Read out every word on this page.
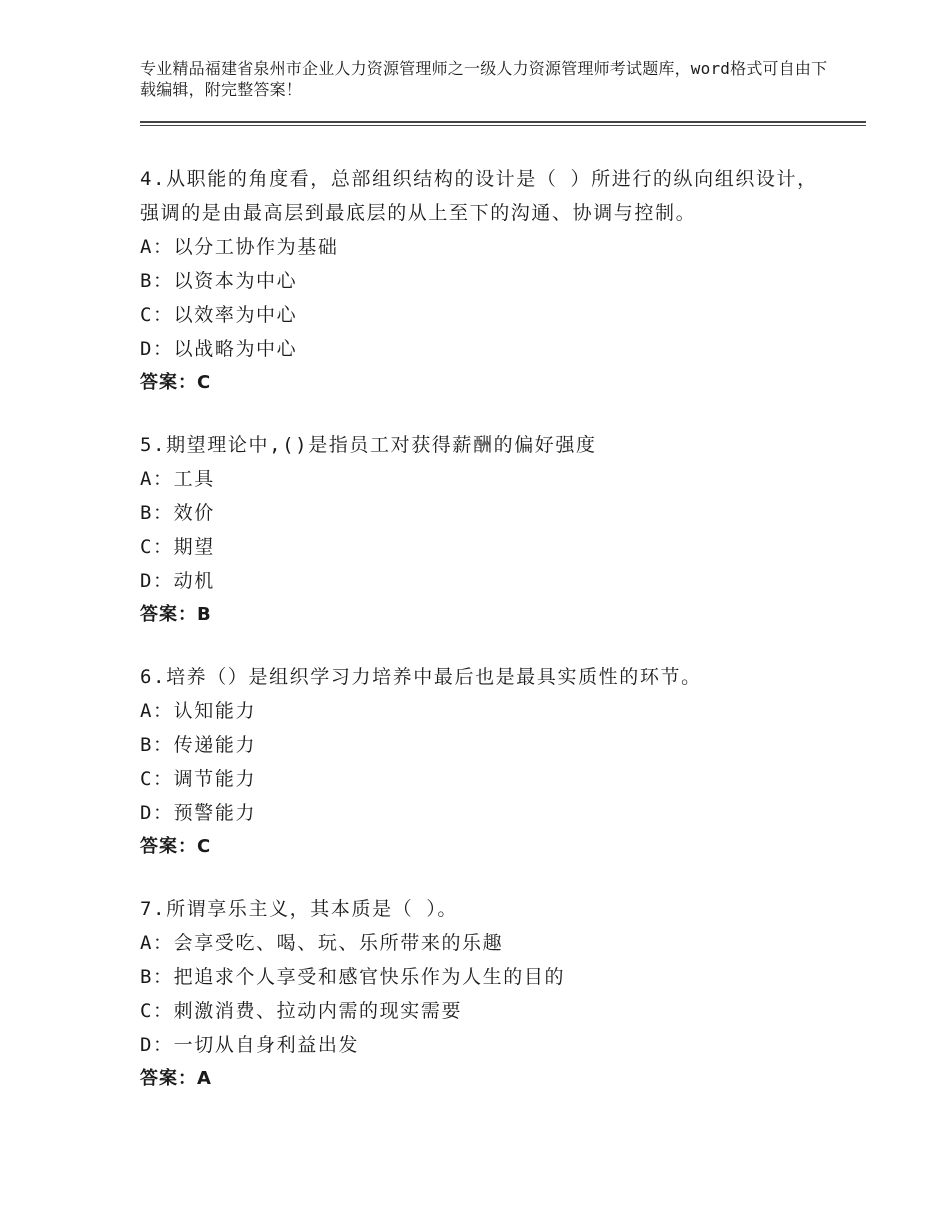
专业精品福建省泉州市企业人力资源管理师之一级人力资源管理师考试题库，word格式可自由下载编辑，附完整答案！

4.从职能的角度看，总部组织结构的设计是（ ）所进行的纵向组织设计，强调的是由最高层到最底层的从上至下的沟通、协调与控制。

A：以分工协作为基础

B：以资本为中心

C：以效率为中心

D：以战略为中心

答案：C

5.期望理论中,()是指员工对获得薪酬的偏好强度

A：工具

B：效价

C：期望

D：动机

答案：B

6.培养（）是组织学习力培养中最后也是最具实质性的环节。

A：认知能力

B：传递能力

C：调节能力

D：预警能力

答案：C

7.所谓享乐主义，其本质是（ ）。

A：会享受吃、喝、玩、乐所带来的乐趣

B：把追求个人享受和感官快乐作为人生的目的

C：刺激消费、拉动内需的现实需要

D：一切从自身利益出发

答案：A
